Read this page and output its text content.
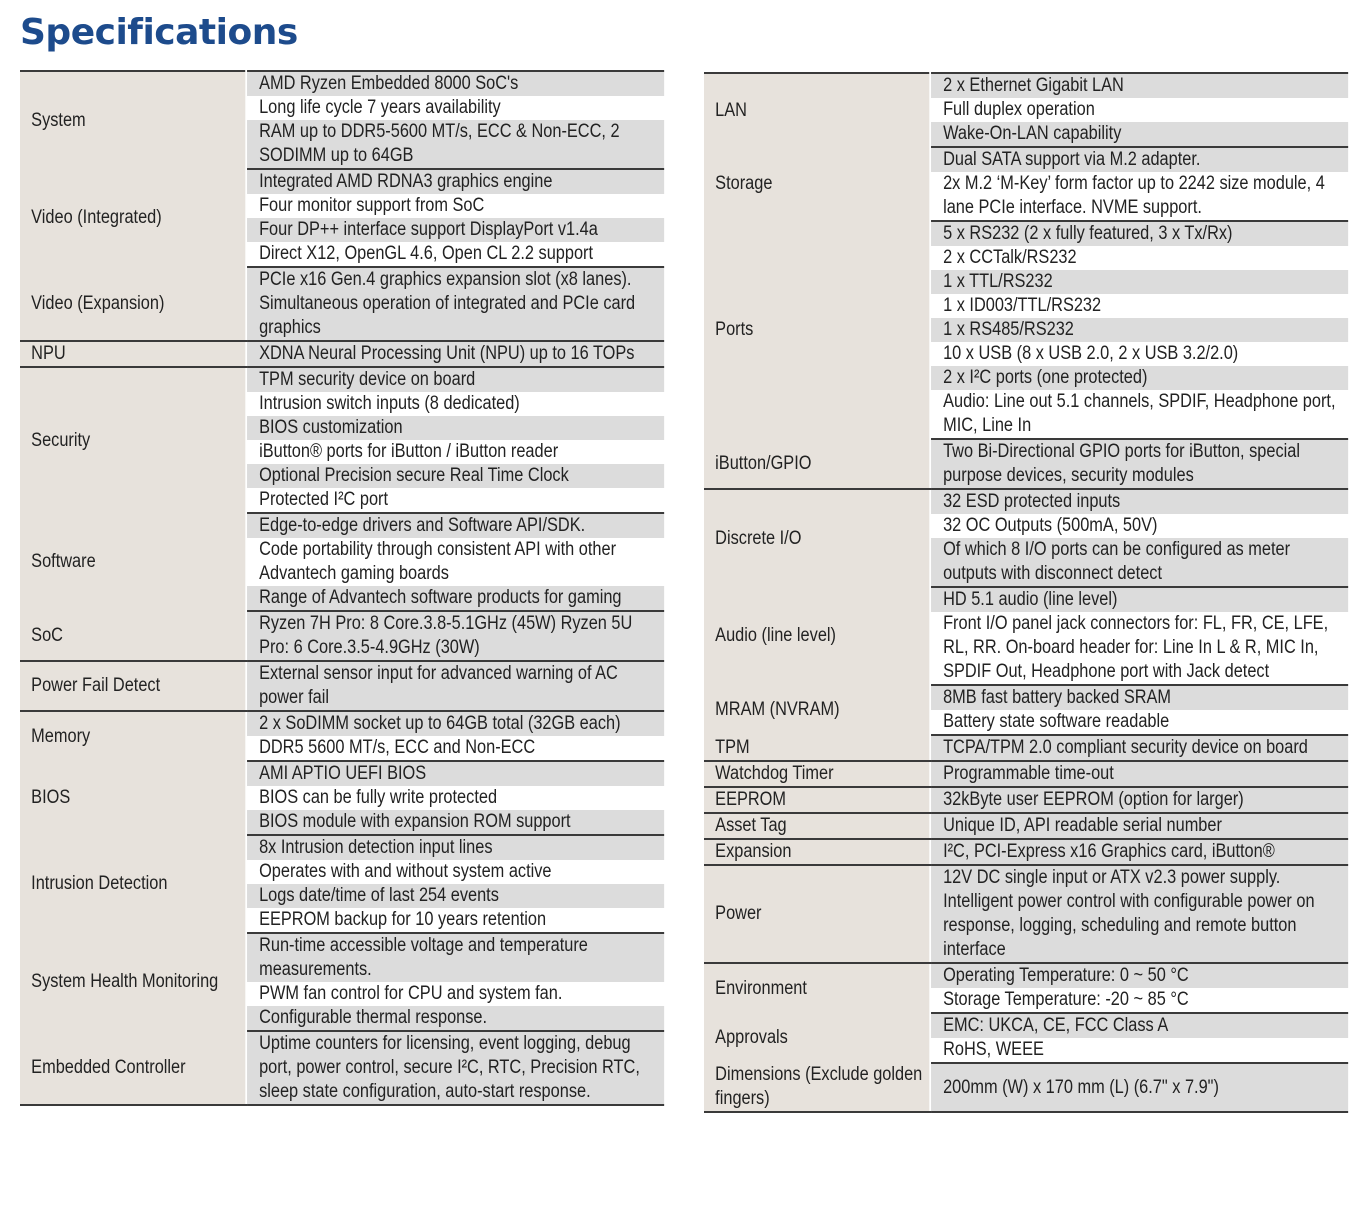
Specifications
System	AMD Ryzen Embedded 8000 SoC's
	Long life cycle 7 years availability
	RAM up to DDR5-5600 MT/s, ECC & Non-ECC, 2 SODIMM up to 64GB
Video (Integrated)	Integrated AMD RDNA3 graphics engine
	Four monitor support from SoC
	Four DP++ interface support DisplayPort v1.4a
	Direct X12, OpenGL 4.6, Open CL 2.2 support
Video (Expansion)	PCIe x16 Gen.4 graphics expansion slot (x8 lanes). Simultaneous operation of integrated and PCIe card graphics
NPU	XDNA Neural Processing Unit (NPU) up to 16 TOPs
Security	TPM security device on board
	Intrusion switch inputs (8 dedicated)
	BIOS customization
	iButton® ports for iButton / iButton reader
	Optional Precision secure Real Time Clock
	Protected I²C port
Software	Edge-to-edge drivers and Software API/SDK.
	Code portability through consistent API with other Advantech gaming boards
	Range of Advantech software products for gaming
SoC	Ryzen 7H Pro: 8 Core.3.8-5.1GHz (45W) Ryzen 5U Pro: 6 Core.3.5-4.9GHz (30W)
Power Fail Detect	External sensor input for advanced warning of AC power fail
Memory	2 x SoDIMM socket up to 64GB total (32GB each)
	DDR5 5600 MT/s, ECC and Non-ECC
BIOS	AMI APTIO UEFI BIOS
	BIOS can be fully write protected
	BIOS module with expansion ROM support
Intrusion Detection	8x Intrusion detection input lines
	Operates with and without system active
	Logs date/time of last 254 events
	EEPROM backup for 10 years retention
System Health Monitoring	Run-time accessible voltage and temperature measurements.
	PWM fan control for CPU and system fan.
	Configurable thermal response.
Embedded Controller	Uptime counters for licensing, event logging, debug port, power control, secure I²C, RTC, Precision RTC, sleep state configuration, auto-start response.
LAN	2 x Ethernet Gigabit LAN
	Full duplex operation
	Wake-On-LAN capability
Storage	Dual SATA support via M.2 adapter.
	2x M.2 ‘M-Key’ form factor up to 2242 size module, 4 lane PCIe interface. NVME support.
Ports	5 x RS232 (2 x fully featured, 3 x Tx/Rx)
	2 x CCTalk/RS232
	1 x TTL/RS232
	1 x ID003/TTL/RS232
	1 x RS485/RS232
	10 x USB (8 x USB 2.0, 2 x USB 3.2/2.0)
	2 x I²C ports (one protected)
	Audio: Line out 5.1 channels, SPDIF, Headphone port, MIC, Line In
iButton/GPIO	Two Bi-Directional GPIO ports for iButton, special purpose devices, security modules
Discrete I/O	32 ESD protected inputs
	32 OC Outputs (500mA, 50V)
	Of which 8 I/O ports can be configured as meter outputs with disconnect detect
Audio (line level)	HD 5.1 audio (line level)
	Front I/O panel jack connectors for: FL, FR, CE, LFE, RL, RR. On-board header for: Line In L & R, MIC In, SPDIF Out, Headphone port with Jack detect
MRAM (NVRAM)	8MB fast battery backed SRAM
	Battery state software readable
TPM	TCPA/TPM 2.0 compliant security device on board
Watchdog Timer	Programmable time-out
EEPROM	32kByte user EEPROM (option for larger)
Asset Tag	Unique ID, API readable serial number
Expansion	I²C, PCI-Express x16 Graphics card, iButton®
Power	12V DC single input or ATX v2.3 power supply. Intelligent power control with configurable power on response, logging, scheduling and remote button interface
Environment	Operating Temperature: 0 ~ 50 °C
	Storage Temperature: -20 ~ 85 °C
Approvals	EMC: UKCA, CE, FCC Class A
	RoHS, WEEE
Dimensions (Exclude golden fingers)	200mm (W) x 170 mm (L) (6.7" x 7.9")
